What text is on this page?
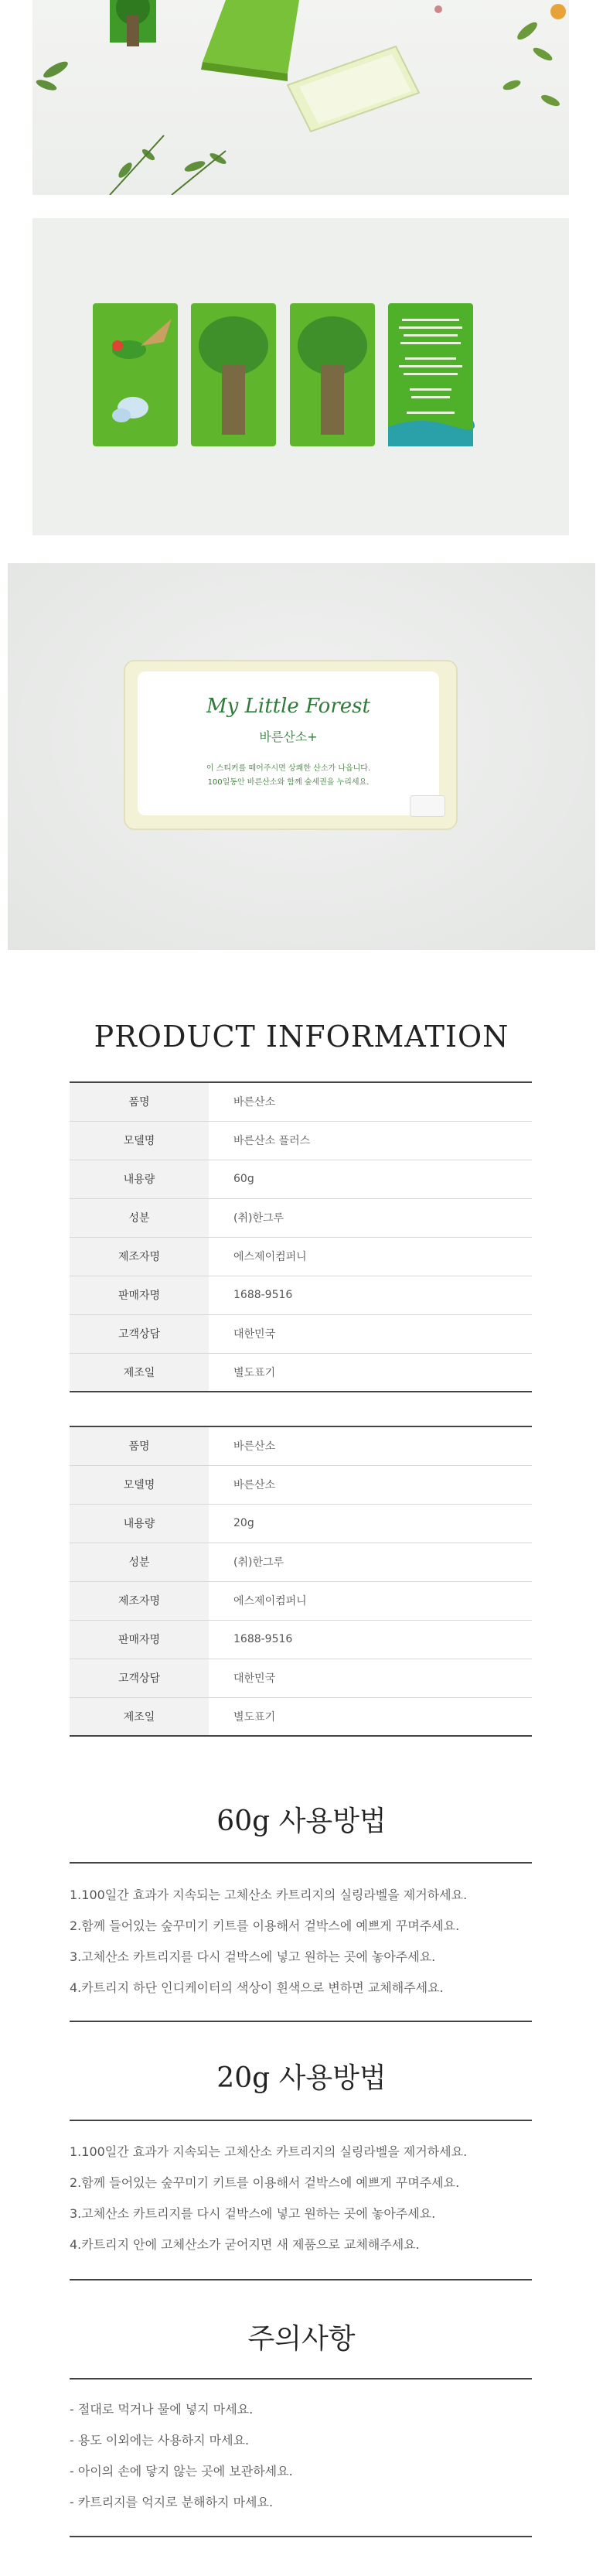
My Little Forest
바른산소+
이 스티커를 떼어주시면 상쾌한 산소가 나옵니다.
100일동안 바른산소와 함께 숲세권을 누리세요.
PRODUCT INFORMATION
품명	바른산소
모델명	바른산소 플러스
내용량	60g
성분	(취)한그루
제조자명	에스제이컴퍼니
판매자명	1688-9516
고객상담	대한민국
제조일	별도표기
품명	바른산소
모델명	바른산소
내용량	20g
성분	(취)한그루
제조자명	에스제이컴퍼니
판매자명	1688-9516
고객상담	대한민국
제조일	별도표기
60g 사용방법
1.100일간 효과가 지속되는 고체산소 카트리지의 실링라벨을 제거하세요.
2.함께 들어있는 숲꾸미기 키트를 이용해서 겉박스에 예쁘게 꾸며주세요.
3.고체산소 카트리지를 다시 겉박스에 넣고 원하는 곳에 놓아주세요.
4.카트리지 하단 인디케이터의 색상이 흰색으로 변하면 교체해주세요.
20g 사용방법
1.100일간 효과가 지속되는 고체산소 카트리지의 실링라벨을 제거하세요.
2.함께 들어있는 숲꾸미기 키트를 이용해서 겉박스에 예쁘게 꾸며주세요.
3.고체산소 카트리지를 다시 겉박스에 넣고 원하는 곳에 놓아주세요.
4.카트리지 안에 고체산소가 굳어지면 새 제품으로 교체해주세요.
주의사항
- 절대로 먹거나 물에 넣지 마세요.
- 용도 이외에는 사용하지 마세요.
- 아이의 손에 닿지 않는 곳에 보관하세요.
- 카트리지를 억지로 분해하지 마세요.
